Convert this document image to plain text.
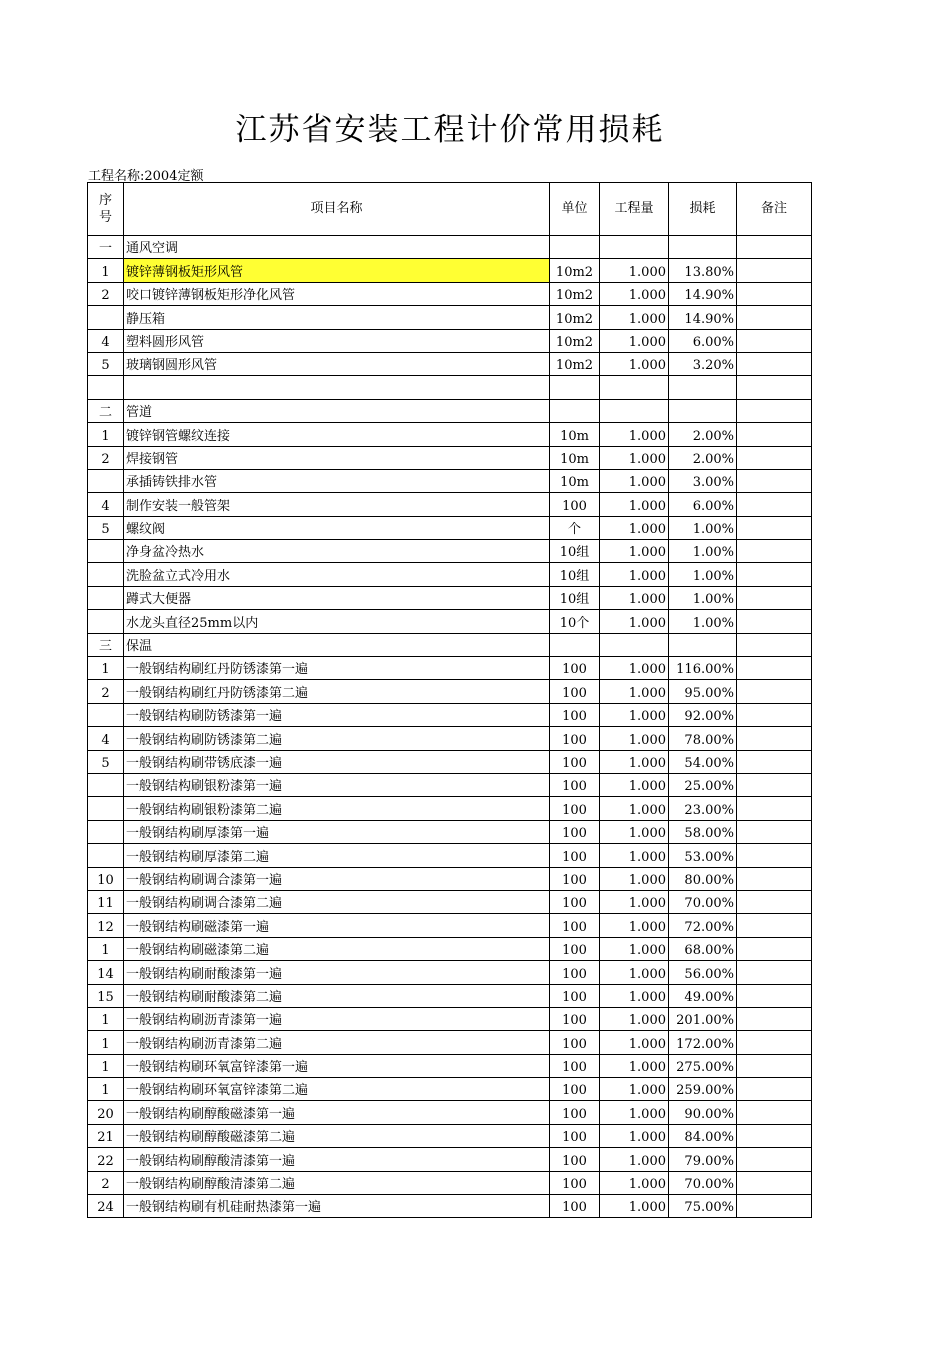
江苏省安装工程计价常用损耗
工程名称:2004定额
序
号	项目名称	单位	工程量	损耗	备注
一	通风空调				
1	镀锌薄钢板矩形风管	10m2	1.000	13.80%	
2	咬口镀锌薄钢板矩形净化风管	10m2	1.000	14.90%	
	静压箱	10m2	1.000	14.90%	
4	塑料圆形风管	10m2	1.000	6.00%	
5	玻璃钢圆形风管	10m2	1.000	3.20%	

二	管道				
1	镀锌钢管螺纹连接	10m	1.000	2.00%	
2	焊接钢管	10m	1.000	2.00%	
	承插铸铁排水管	10m	1.000	3.00%	
4	制作安装一般管架	100	1.000	6.00%	
5	螺纹阀	个	1.000	1.00%	
	净身盆冷热水	10组	1.000	1.00%	
	洗脸盆立式冷用水	10组	1.000	1.00%	
	蹲式大便器	10组	1.000	1.00%	
	水龙头直径25mm以内	10个	1.000	1.00%	
三	保温				
1	一般钢结构刷红丹防锈漆第一遍	100	1.000	116.00%	
2	一般钢结构刷红丹防锈漆第二遍	100	1.000	95.00%	
	一般钢结构刷防锈漆第一遍	100	1.000	92.00%	
4	一般钢结构刷防锈漆第二遍	100	1.000	78.00%	
5	一般钢结构刷带锈底漆一遍	100	1.000	54.00%	
	一般钢结构刷银粉漆第一遍	100	1.000	25.00%	
	一般钢结构刷银粉漆第二遍	100	1.000	23.00%	
	一般钢结构刷厚漆第一遍	100	1.000	58.00%	
	一般钢结构刷厚漆第二遍	100	1.000	53.00%	
10	一般钢结构刷调合漆第一遍	100	1.000	80.00%	
11	一般钢结构刷调合漆第二遍	100	1.000	70.00%	
12	一般钢结构刷磁漆第一遍	100	1.000	72.00%	
1	一般钢结构刷磁漆第二遍	100	1.000	68.00%	
14	一般钢结构刷耐酸漆第一遍	100	1.000	56.00%	
15	一般钢结构刷耐酸漆第二遍	100	1.000	49.00%	
1	一般钢结构刷沥青漆第一遍	100	1.000	201.00%	
1	一般钢结构刷沥青漆第二遍	100	1.000	172.00%	
1	一般钢结构刷环氧富锌漆第一遍	100	1.000	275.00%	
1	一般钢结构刷环氧富锌漆第二遍	100	1.000	259.00%	
20	一般钢结构刷醇酸磁漆第一遍	100	1.000	90.00%	
21	一般钢结构刷醇酸磁漆第二遍	100	1.000	84.00%	
22	一般钢结构刷醇酸清漆第一遍	100	1.000	79.00%	
2	一般钢结构刷醇酸清漆第二遍	100	1.000	70.00%	
24	一般钢结构刷有机硅耐热漆第一遍	100	1.000	75.00%	
